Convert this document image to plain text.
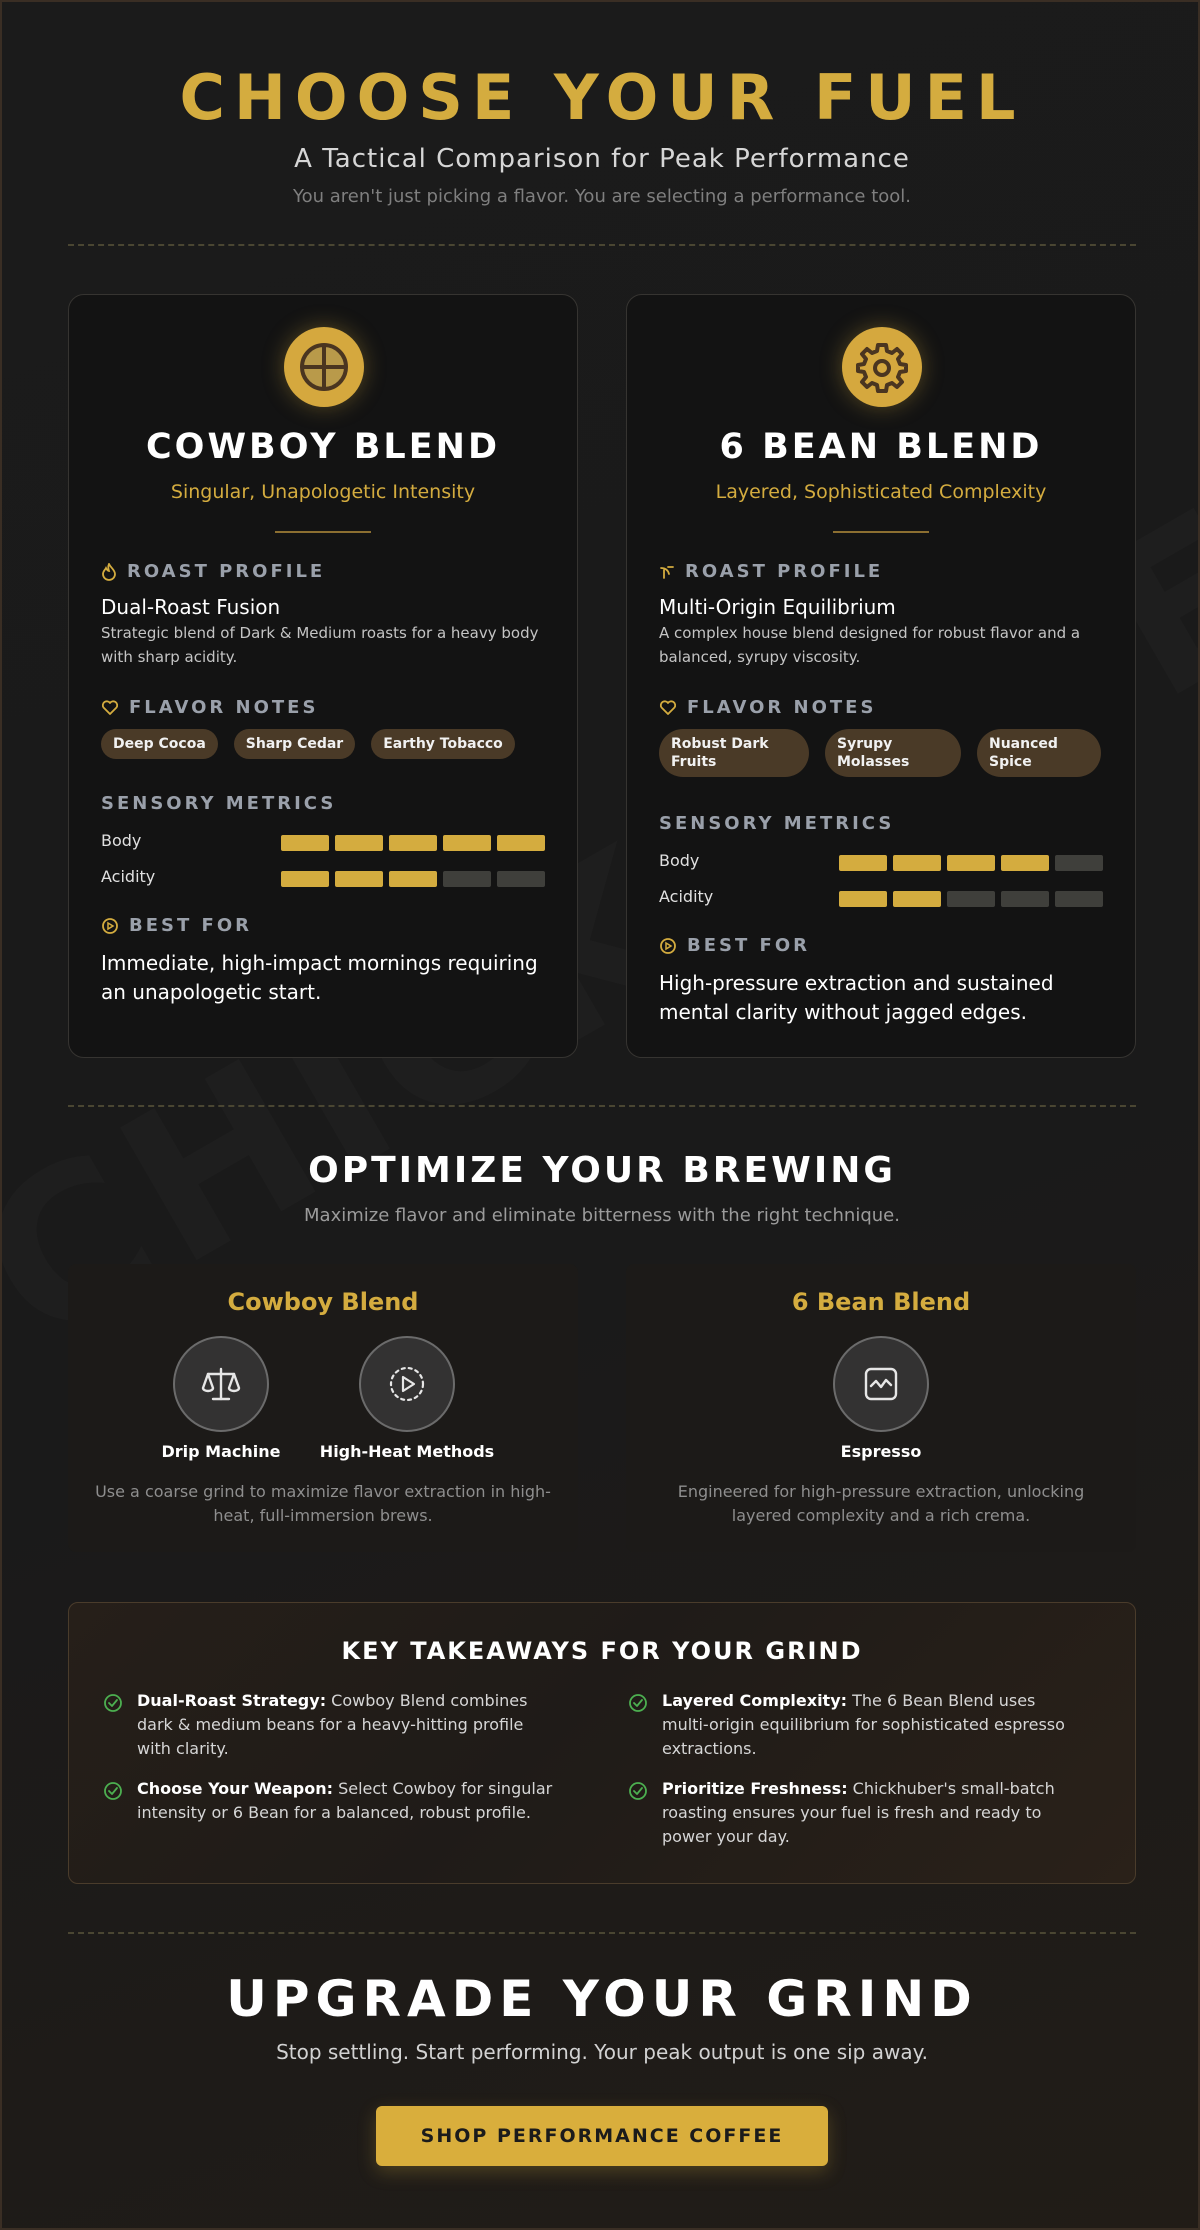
CHOOSE YOUR FUEL
A Tactical Comparison for Peak Performance
You aren't just picking a flavor. You are selecting a performance tool.
COWBOY BLEND
Singular, Unapologetic Intensity
ROAST PROFILE
Dual-Roast Fusion
Strategic blend of Dark & Medium roasts for a heavy body with sharp acidity.
FLAVOR NOTES
Deep Cocoa	Sharp Cedar	Earthy Tobacco
SENSORY METRICS
Body
Acidity
BEST FOR
Immediate, high-impact mornings requiring an unapologetic start.
6 BEAN BLEND
Layered, Sophisticated Complexity
ROAST PROFILE
Multi-Origin Equilibrium
A complex house blend designed for robust flavor and a balanced, syrupy viscosity.
FLAVOR NOTES
Robust Dark Fruits
Syrupy Molasses
Nuanced Spice
SENSORY METRICS
Body
Acidity
BEST FOR
High-pressure extraction and sustained mental clarity without jagged edges.
OPTIMIZE YOUR BREWING
Maximize flavor and eliminate bitterness with the right technique.
Cowboy Blend
Drip Machine	High-Heat Methods
Use a coarse grind to maximize flavor extraction in high-heat, full-immersion brews.
6 Bean Blend
Espresso
Engineered for high-pressure extraction, unlocking layered complexity and a rich crema.
KEY TAKEAWAYS FOR YOUR GRIND
Dual-Roast Strategy: Cowboy Blend combines dark & medium beans for a heavy-hitting profile with clarity.
Layered Complexity: The 6 Bean Blend uses multi-origin equilibrium for sophisticated espresso extractions.
Choose Your Weapon: Select Cowboy for singular intensity or 6 Bean for a balanced, robust profile.
Prioritize Freshness: Chickhuber's small-batch roasting ensures your fuel is fresh and ready to power your day.
UPGRADE YOUR GRIND
Stop settling. Start performing. Your peak output is one sip away.
SHOP PERFORMANCE COFFEE
